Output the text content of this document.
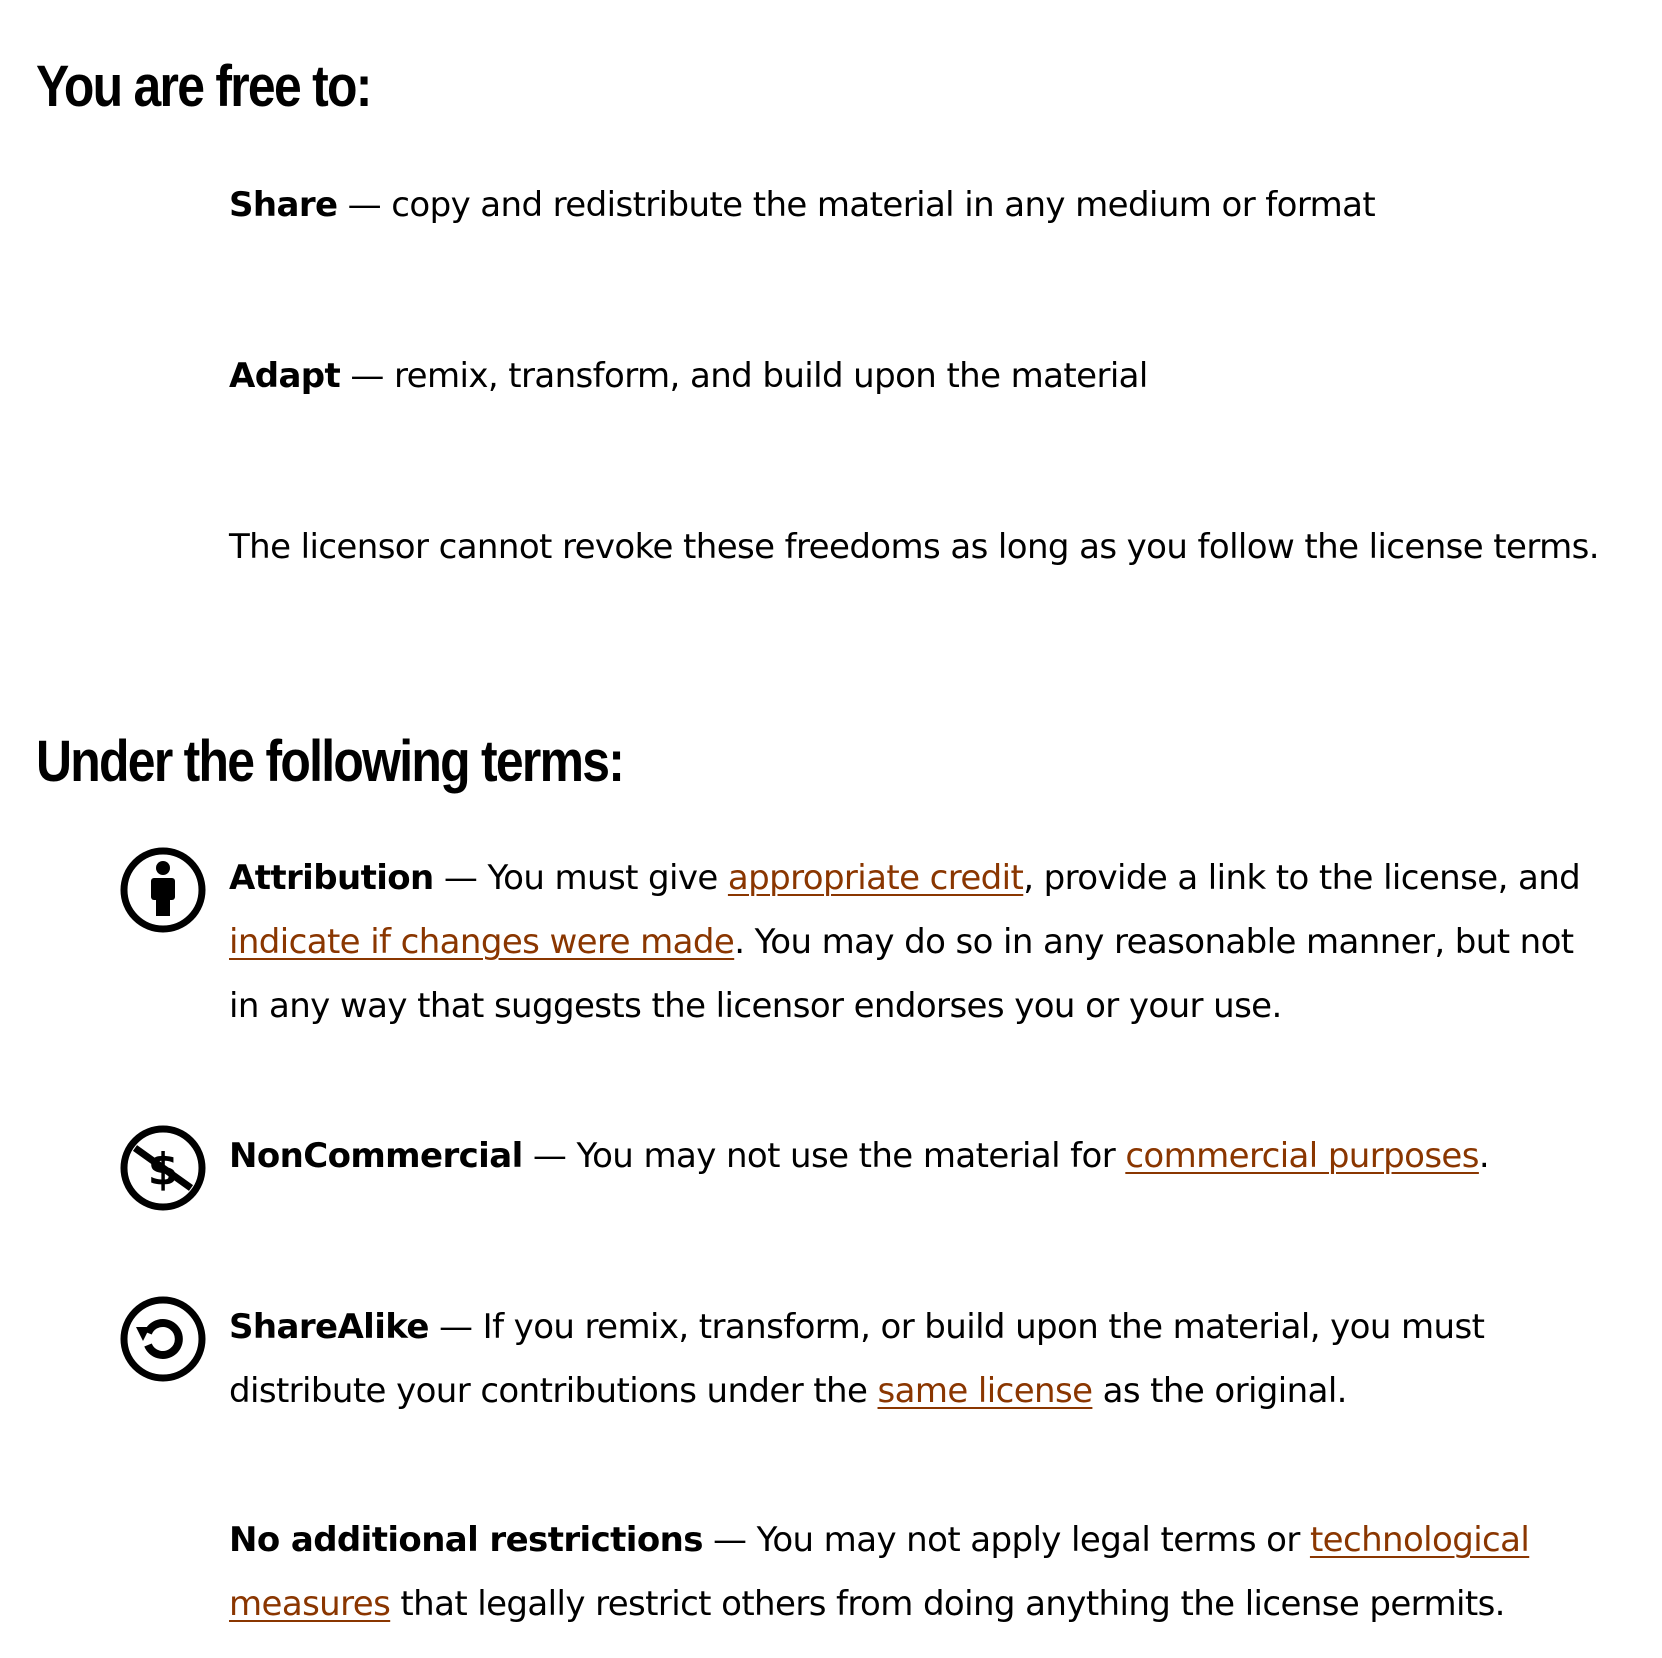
You are free to:

Share — copy and redistribute the material in any medium or format

Adapt — remix, transform, and build upon the material

The licensor cannot revoke these freedoms as long as you follow the license terms.

Under the following terms:

Attribution — You must give appropriate credit, provide a link to the license, and indicate if changes were made. You may do so in any reasonable manner, but not in any way that suggests the licensor endorses you or your use.

$ NonCommercial — You may not use the material for commercial purposes.

ShareAlike — If you remix, transform, or build upon the material, you must distribute your contributions under the same license as the original.

No additional restrictions — You may not apply legal terms or technological measures that legally restrict others from doing anything the license permits.
